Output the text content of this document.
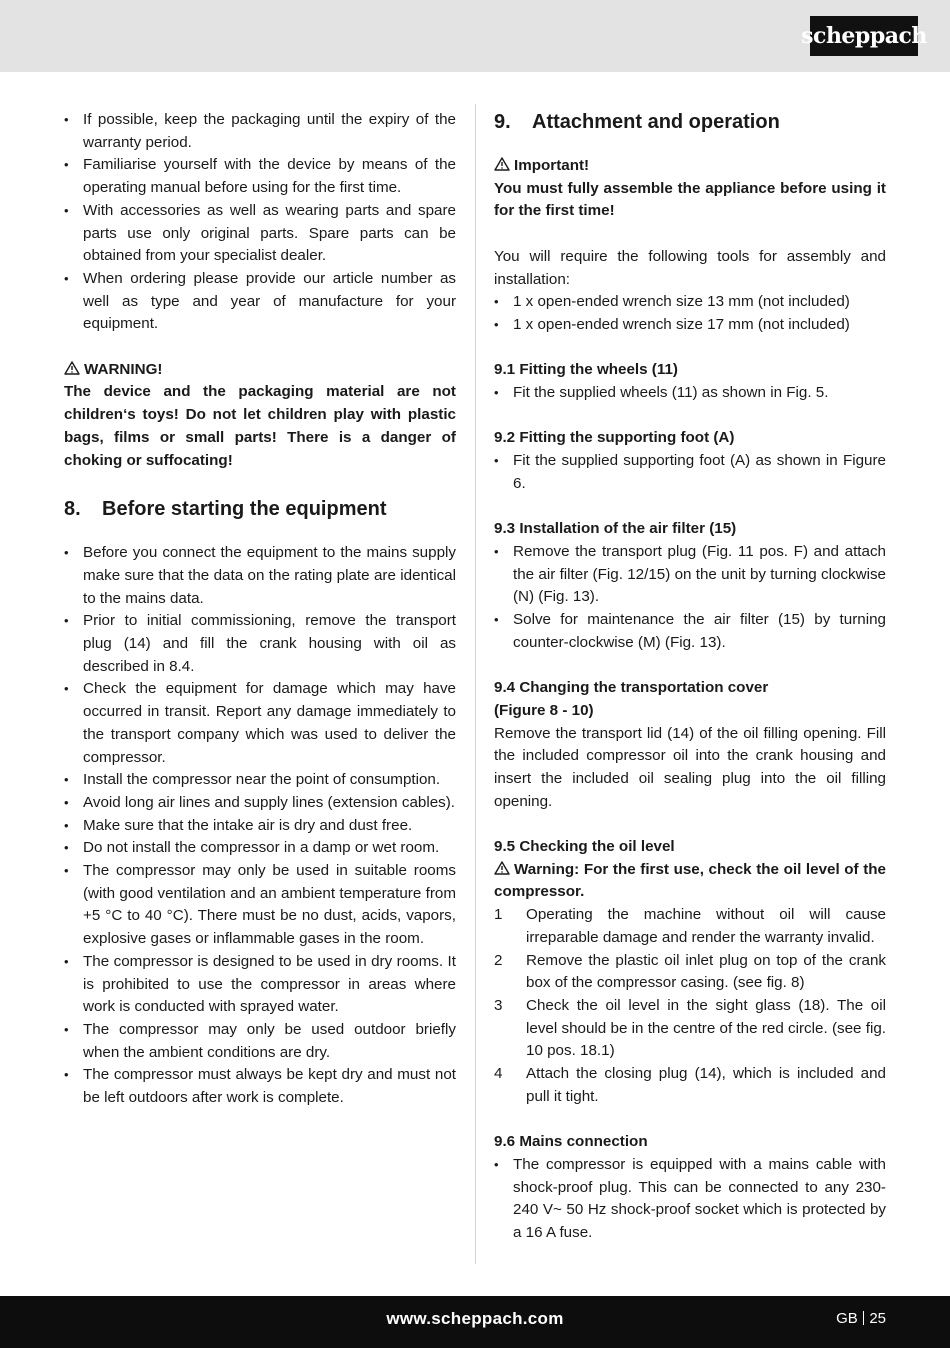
scheppach
• If possible, keep the packaging until the expiry of the warranty period.
• Familiarise yourself with the device by means of the operating manual before using for the first time.
• With accessories as well as wearing parts and spare parts use only original parts. Spare parts can be obtained from your specialist dealer.
• When ordering please provide our article number as well as type and year of manufacture for your equipment.
WARNING!
The device and the packaging material are not children‘s toys! Do not let children play with plastic bags, films or small parts! There is a danger of choking or suffocating!
8.	Before starting the equipment
• Before you connect the equipment to the mains supply make sure that the data on the rating plate are identical to the mains data.
• Prior to initial commissioning, remove the transport plug (14) and fill the crank housing with oil as described in 8.4.
• Check the equipment for damage which may have occurred in transit. Report any damage immediately to the transport company which was used to deliver the compressor.
• Install the compressor near the point of consumption.
• Avoid long air lines and supply lines (extension cables).
• Make sure that the intake air is dry and dust free.
• Do not install the compressor in a damp or wet room.
• The compressor may only be used in suitable rooms (with good ventilation and an ambient temperature from +5 °C to 40 °C). There must be no dust, acids, vapors, explosive gases or inflammable gases in the room.
• The compressor is designed to be used in dry rooms. It is prohibited to use the compressor in areas where work is conducted with sprayed water.
• The compressor may only be used outdoor briefly when the ambient conditions are dry.
• The compressor must always be kept dry and must not be left outdoors after work is complete.
9.	Attachment and operation
Important!
You must fully assemble the appliance before using it for the first time!
You will require the following tools for assembly and installation:
• 1 x open-ended wrench size 13 mm (not included)
• 1 x open-ended wrench size 17 mm (not included)
9.1 Fitting the wheels (11)
• Fit the supplied wheels (11) as shown in Fig. 5.
9.2 Fitting the supporting foot (A)
• Fit the supplied supporting foot (A) as shown in Figure 6.
9.3 Installation of the air filter (15)
• Remove the transport plug (Fig. 11 pos. F) and attach the air filter (Fig. 12/15) on the unit by turning clockwise (N) (Fig. 13).
• Solve for maintenance the air filter (15) by turning counter-clockwise (M) (Fig. 13).
9.4 Changing the transportation cover
(Figure 8 - 10)
Remove the transport lid (14) of the oil filling opening. Fill the included compressor oil into the crank housing and insert the included oil sealing plug into the oil filling opening.
9.5 Checking the oil level
Warning: For the first use, check the oil level of the compressor.
1 Operating the machine without oil will cause irreparable damage and render the warranty invalid.
2 Remove the plastic oil inlet plug on top of the crank box of the compressor casing. (see fig. 8)
3 Check the oil level in the sight glass (18). The oil level should be in the centre of the red circle. (see fig. 10 pos. 18.1)
4 Attach the closing plug (14), which is included and pull it tight.
9.6 Mains connection
• The compressor is equipped with a mains cable with shock-proof plug. This can be connected to any 230-240 V~ 50 Hz shock-proof socket which is protected by a 16 A fuse.
www.scheppach.com	GB 25
